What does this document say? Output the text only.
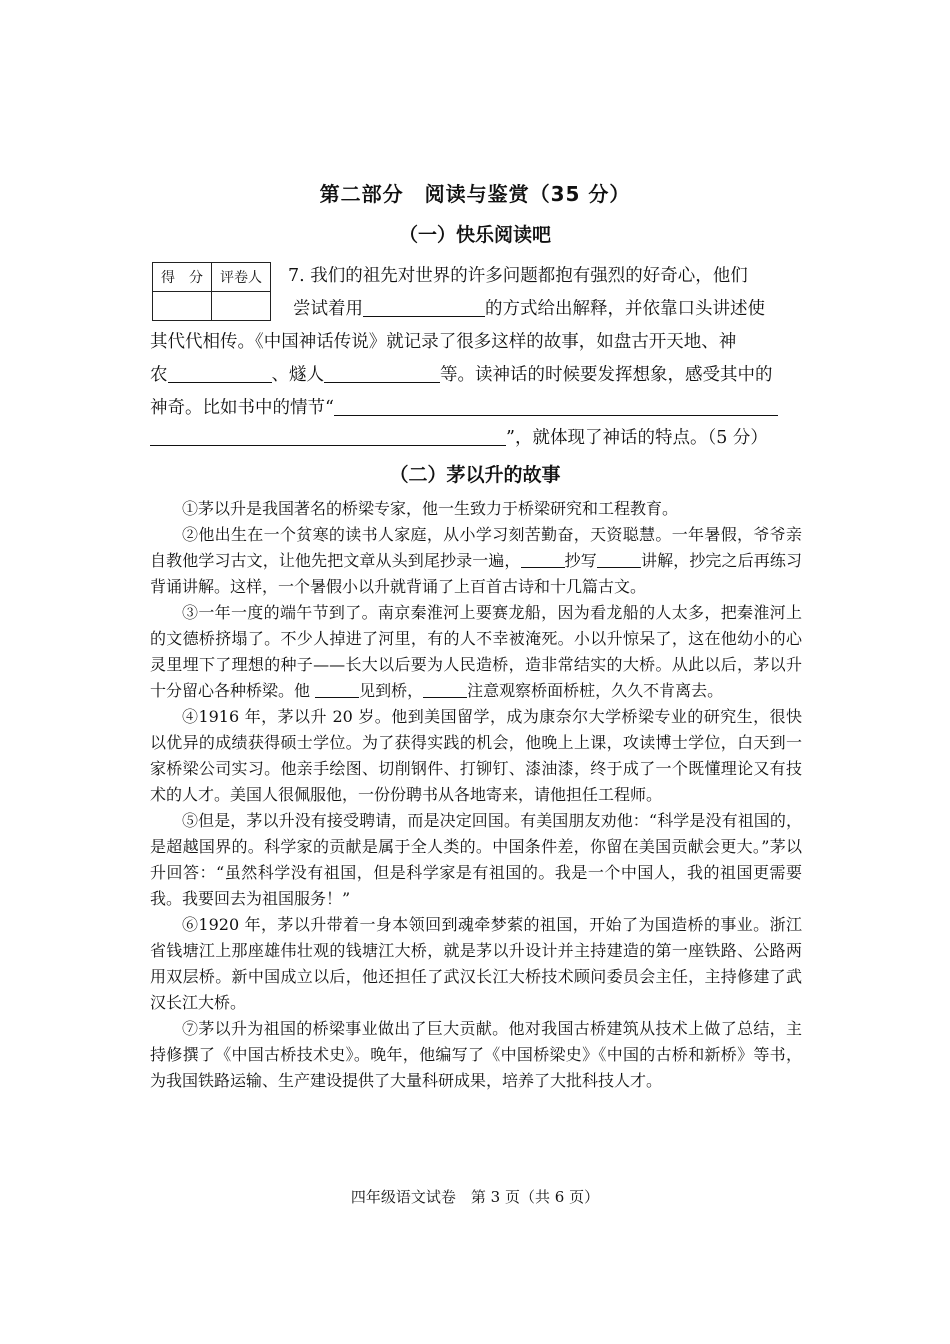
第二部分　阅读与鉴赏（35 分）
（一）快乐阅读吧
得　分	评卷人
	7. 我们的祖先对世界的许多问题都抱有强烈的好奇心，他们
尝试着用	的方式给出解释，并依靠口头讲述使
其代代相传。《中国神话传说》就记录了很多这样的故事，如盘古开天地、神
农	、燧人	等。读神话的时候要发挥想象，感受其中的
神奇。比如书中的情节“
”，就体现了神话的特点。（5 分）
（二）茅以升的故事

①茅以升是我国著名的桥梁专家，他一生致力于桥梁研究和工程教育。

②他出生在一个贫寒的读书人家庭，从小学习刻苦勤奋，天资聪慧。一年暑假，爷爷亲自教他学习古文，让他先把文章从头到尾抄录一遍，	抄写	讲解，抄完之后再练习背诵讲解。这样，一个暑假小以升就背诵了上百首古诗和十几篇古文。

③一年一度的端午节到了。南京秦淮河上要赛龙船，因为看龙船的人太多，把秦淮河上的文德桥挤塌了。不少人掉进了河里，有的人不幸被淹死。小以升惊呆了，这在他幼小的心灵里埋下了理想的种子——长大以后要为人民造桥，造非常结实的大桥。从此以后，茅以升十分留心各种桥梁。他	见到桥，	注意观察桥面桥桩，久久不肯离去。

④1916 年，茅以升 20 岁。他到美国留学，成为康奈尔大学桥梁专业的研究生，很快以优异的成绩获得硕士学位。为了获得实践的机会，他晚上上课，攻读博士学位，白天到一家桥梁公司实习。他亲手绘图、切削钢件、打铆钉、漆油漆，终于成了一个既懂理论又有技术的人才。美国人很佩服他，一份份聘书从各地寄来，请他担任工程师。

⑤但是，茅以升没有接受聘请，而是决定回国。有美国朋友劝他：“科学是没有祖国的，是超越国界的。科学家的贡献是属于全人类的。中国条件差，你留在美国贡献会更大。”茅以升回答：“虽然科学没有祖国，但是科学家是有祖国的。我是一个中国人，我的祖国更需要我。我要回去为祖国服务！”

⑥1920 年，茅以升带着一身本领回到魂牵梦萦的祖国，开始了为国造桥的事业。浙江省钱塘江上那座雄伟壮观的钱塘江大桥，就是茅以升设计并主持建造的第一座铁路、公路两用双层桥。新中国成立以后，他还担任了武汉长江大桥技术顾问委员会主任，主持修建了武汉长江大桥。

⑦茅以升为祖国的桥梁事业做出了巨大贡献。他对我国古桥建筑从技术上做了总结，主持修撰了《中国古桥技术史》。晚年，他编写了《中国桥梁史》《中国的古桥和新桥》等书，为我国铁路运输、生产建设提供了大量科研成果，培养了大批科技人才。

四年级语文试卷　第 3 页（共 6 页）
